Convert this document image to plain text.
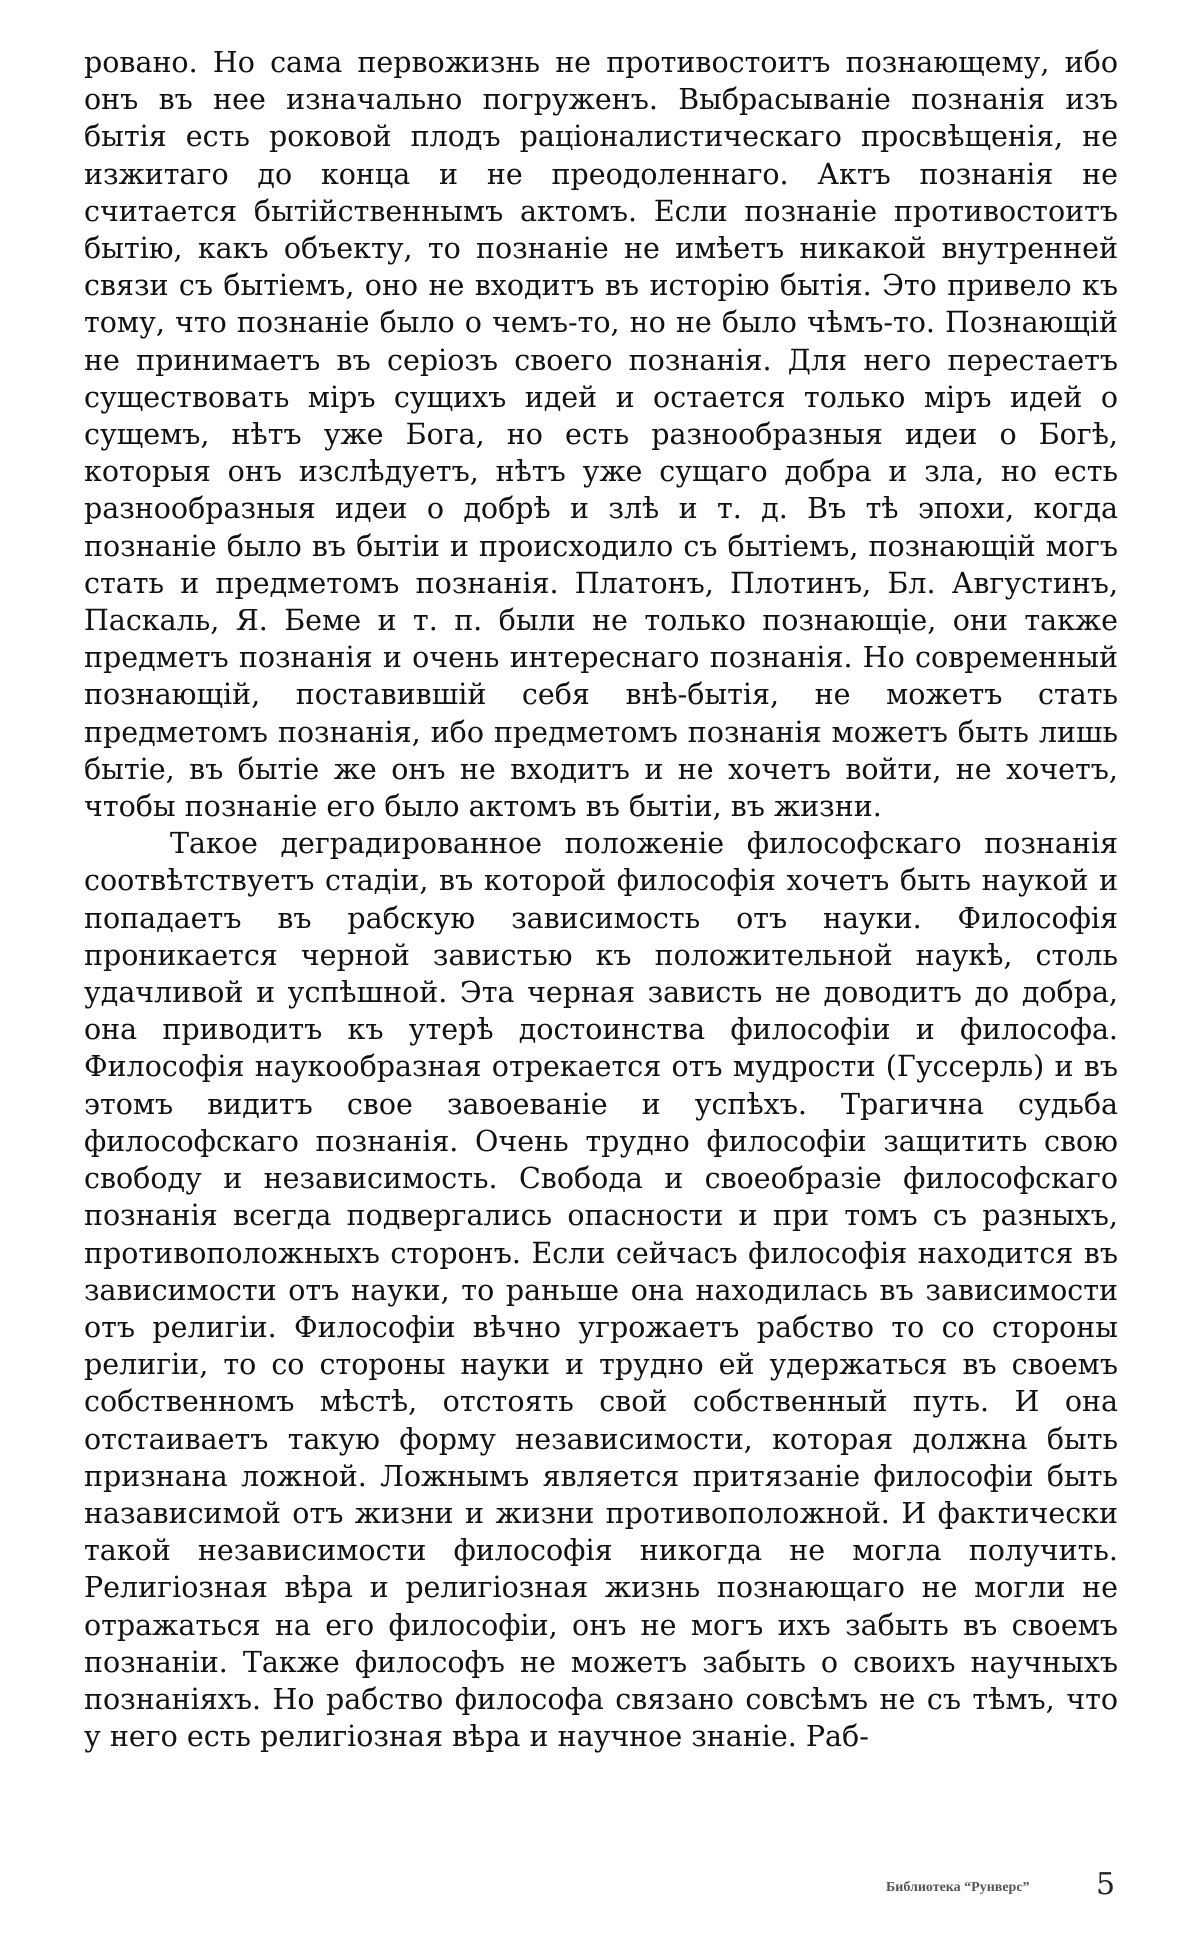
ровано. Но сама первожизнь не противостоитъ познающему, ибо онъ въ нее изначально погруженъ. Выбрасываніе познанія изъ бытія есть роковой плодъ раціоналистическаго просвѣщенія, не изжитаго до конца и не преодоленнаго. Актъ познанія не считается бытійственнымъ актомъ. Если познаніе противостоитъ бытію, какъ объекту, то познаніе не имѣетъ никакой внутренней связи съ бытіемъ, оно не входитъ въ исторію бытія. Это привело къ тому, что познаніе было о чемъ-то, но не было чѣмъ-то. Познающій не принимаетъ въ серіозъ своего познанія. Для него перестаетъ существовать міръ сущихъ идей и остается только міръ идей о сущемъ, нѣтъ уже Бога, но есть разнообразныя идеи о Богѣ, которыя онъ изслѣдуетъ, нѣтъ уже сущаго добра и зла, но есть разнообразныя идеи о добрѣ и злѣ и т. д. Въ тѣ эпохи, когда познаніе было въ бытіи и происходило съ бытіемъ, познающій могъ стать и предметомъ познанія. Платонъ, Плотинъ, Бл. Августинъ, Паскаль, Я. Беме и т. п. были не только познающіе, они также предметъ познанія и очень интереснаго познанія. Но современный познающій, поставившій себя внѣ-бытія, не можетъ стать предметомъ познанія, ибо предметомъ познанія можетъ быть лишь бытіе, въ бытіе же онъ не входитъ и не хочетъ войти, не хочетъ, чтобы познаніе его было актомъ въ бытіи, въ жизни.

Такое деградированное положеніе философскаго познанія соотвѣтствуетъ стадіи, въ которой философія хочетъ быть наукой и попадаетъ въ рабскую зависимость отъ науки. Философія проникается черной завистью къ положительной наукѣ, столь удачливой и успѣшной. Эта черная зависть не доводитъ до добра, она приводитъ къ утерѣ достоинства философіи и философа. Философія наукообразная отрекается отъ мудрости (Гуссерль) и въ этомъ видитъ свое завоеваніе и успѣхъ. Трагична судьба философскаго познанія. Очень трудно философіи защитить свою свободу и независимость. Свобода и своеобразіе философскаго познанія всегда подвергались опасности и при томъ съ разныхъ, противоположныхъ сторонъ. Если сейчасъ философія находится въ зависимости отъ науки, то раньше она находилась въ зависимости отъ религіи. Философіи вѣчно угрожаетъ рабство то со стороны религіи, то со стороны науки и трудно ей удержаться въ своемъ собственномъ мѣстѣ, отстоять свой собственный путь. И она отстаиваетъ такую форму независимости, которая должна быть признана ложной. Ложнымъ является притязаніе философіи быть назависимой отъ жизни и жизни противоположной. И фактически такой независимости философія никогда не могла получить. Религіозная вѣра и религіозная жизнь познающаго не могли не отражаться на его философіи, онъ не могъ ихъ забыть въ своемъ познаніи. Также философъ не можетъ забыть о своихъ научныхъ познаніяхъ. Но рабство философа связано совсѣмъ не съ тѣмъ, что у него есть религіозная вѣра и научное знаніе. Раб-

Библиотека “Рунверс” 5
